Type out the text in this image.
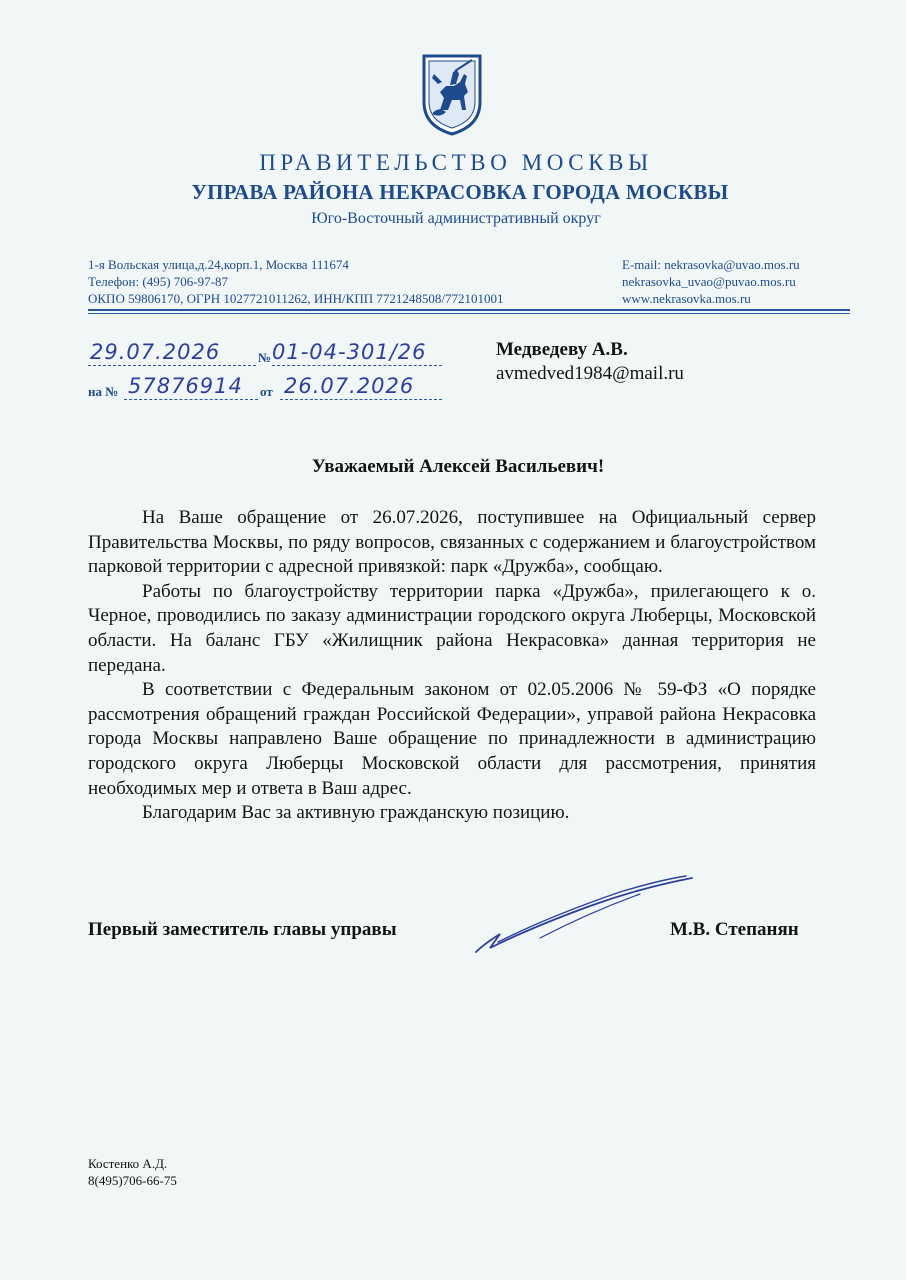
ПРАВИТЕЛЬСТВО МОСКВЫ
УПРАВА РАЙОНА НЕКРАСОВКА ГОРОДА МОСКВЫ
Юго-Восточный административный округ
1-я Вольская улица,д.24,корп.1, Москва 111674
Телефон: (495) 706-97-87
ОКПО 59806170, ОГРН 1027721011262, ИНН/КПП 7721248508/772101001
E-mail: nekrasovka@uvao.mos.ru
nekrasovka_uvao@puvao.mos.ru
www.nekrasovka.mos.ru
29.07.2026	№ 01-04-301/26
на № 57876914 от 26.07.2026
Медведеву А.В.
avmedved1984@mail.ru
Уважаемый Алексей Васильевич!

На Ваше обращение от 26.07.2026, поступившее на Официальный сервер Правительства Москвы, по ряду вопросов, связанных с содержанием и благоустройством парковой территории с адресной привязкой: парк «Дружба», сообщаю.

Работы по благоустройству территории парка «Дружба», прилегающего к о. Черное, проводились по заказу администрации городского округа Люберцы, Московской области. На баланс ГБУ «Жилищник района Некрасовка» данная территория не передана.

В соответствии с Федеральным законом от 02.05.2006 № 59-ФЗ «О порядке рассмотрения обращений граждан Российской Федерации», управой района Некрасовка города Москвы направлено Ваше обращение по принадлежности в администрацию городского округа Люберцы Московской области для рассмотрения, принятия необходимых мер и ответа в Ваш адрес.

Благодарим Вас за активную гражданскую позицию.

Первый заместитель главы управы	М.В. Степанян
Костенко А.Д.
8(495)706-66-75
